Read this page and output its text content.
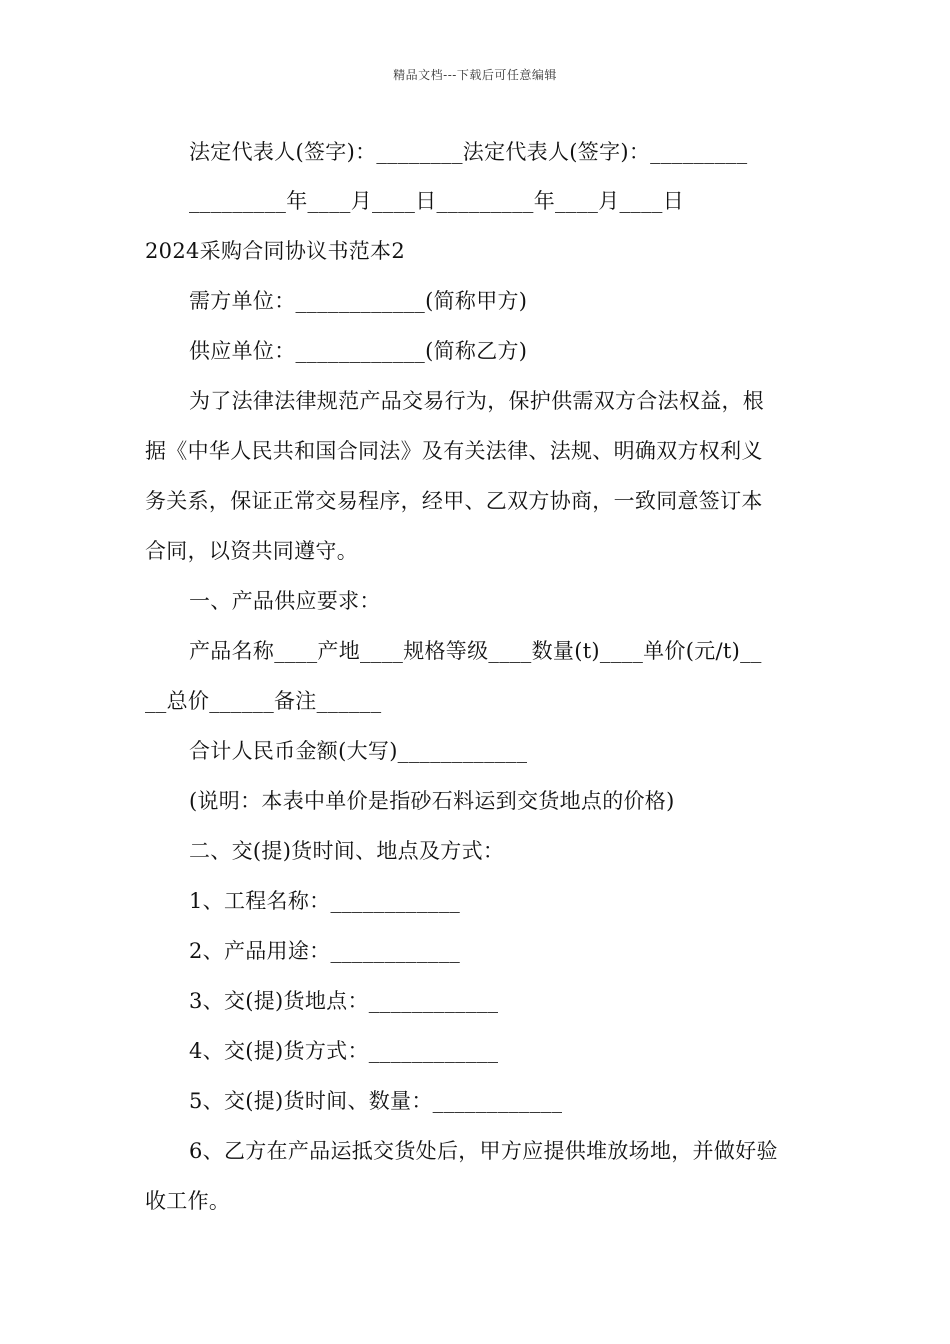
精品文档---下载后可任意编辑
法定代表人(签字)：________法定代表人(签字)：_________
_________年____月____日_________年____月____日
2024采购合同协议书范本2
需方单位：____________(简称甲方)
供应单位：____________(简称乙方)
为了法律法律规范产品交易行为，保护供需双方合法权益，根
据《中华人民共和国合同法》及有关法律、法规、明确双方权利义
务关系，保证正常交易程序，经甲、乙双方协商，一致同意签订本
合同，以资共同遵守。
一、产品供应要求：
产品名称____产地____规格等级____数量(t)____单价(元/t)__
__总价______备注______
合计人民币金额(大写)____________
(说明：本表中单价是指砂石料运到交货地点的价格)
二、交(提)货时间、地点及方式：
1、工程名称：____________
2、产品用途：____________
3、交(提)货地点：____________
4、交(提)货方式：____________
5、交(提)货时间、数量：____________
6、乙方在产品运抵交货处后，甲方应提供堆放场地，并做好验
收工作。
